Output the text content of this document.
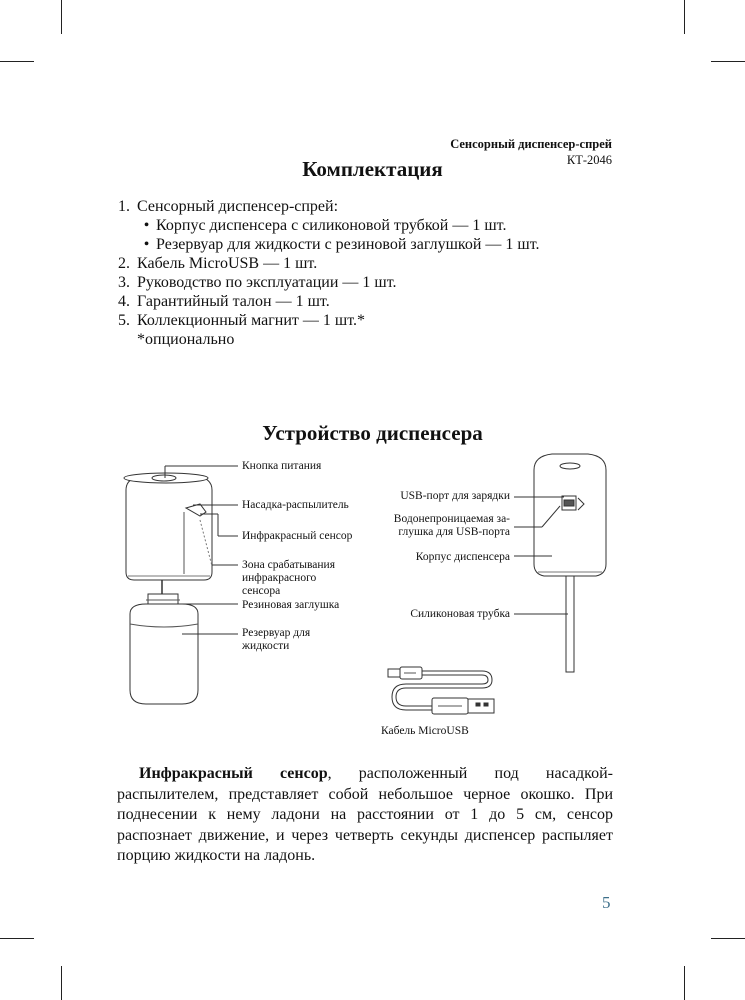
Сенсорный диспенсер-спрей
КТ-2046
Комплектация
1. Сенсорный диспенсер-спрей:
• Корпус диспенсера с силиконовой трубкой — 1 шт.
• Резервуар для жидкости с резиновой заглушкой — 1 шт.
2. Кабель MicroUSB — 1 шт.
3. Руководство по эксплуатации — 1 шт.
4. Гарантийный талон — 1 шт.
5. Коллекционный магнит — 1 шт.*
*опционально
Устройство диспенсера
Кнопка питания
Насадка-распылитель
Инфракрасный сенсор
Зона срабатывания
инфракрасного
сенсора
Резиновая заглушка
Резервуар для
жидкости
USB-порт для зарядки
Водонепроницаемая за-
глушка для USB-порта
Корпус диспенсера
Силиконовая трубка
Кабель MicroUSB
Инфракрасный сенсор, расположенный под насадкой-распылителем, представляет собой небольшое черное окошко. При поднесении к нему ладони на расстоянии от 1 до 5 см, сенсор распознает движение, и через четверть секунды диспенсер распыляет порцию жидкости на ладонь.
5
